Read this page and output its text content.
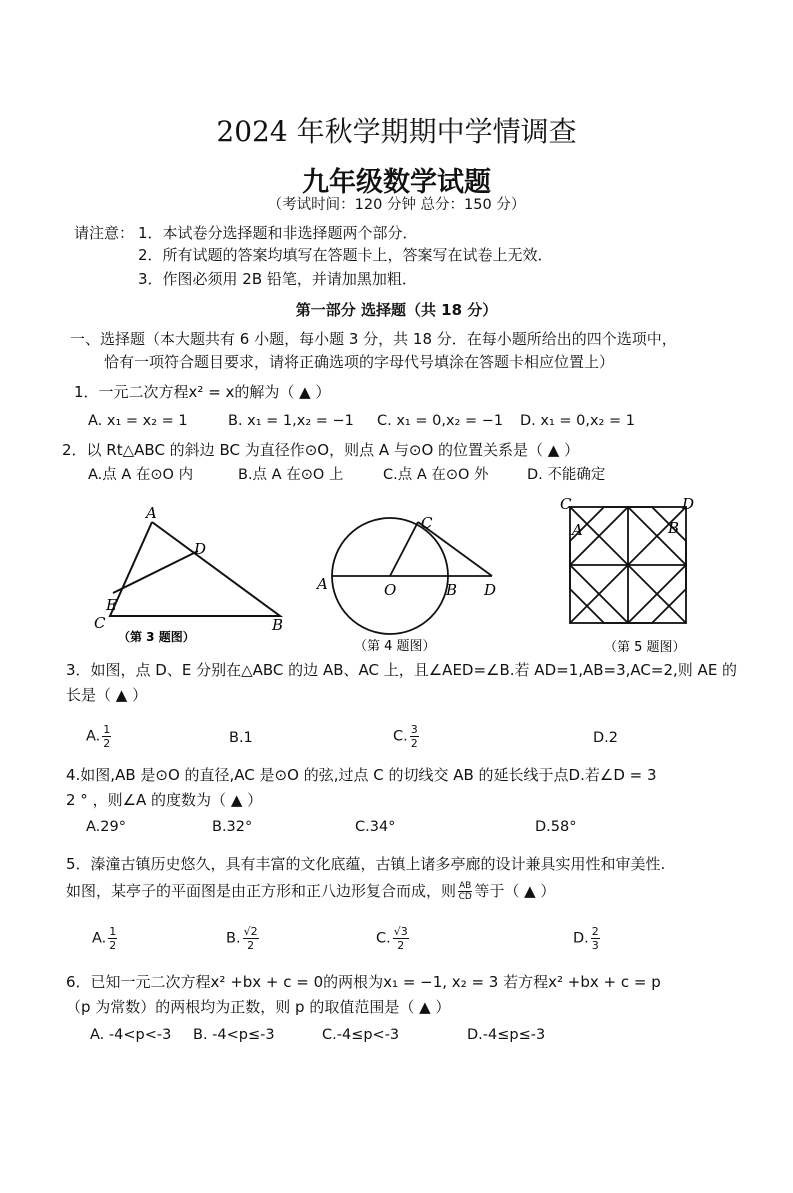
2024 年秋学期期中学情调查
九年级数学试题
（考试时间：120 分钟 总分：150 分）
请注意： 1．本试卷分选择题和非选择题两个部分．
2．所有试题的答案均填写在答题卡上，答案写在试卷上无效．
3．作图必须用 2B 铅笔，并请加黑加粗．
第一部分 选择题（共 18 分）
一、选择题（本大题共有 6 小题，每小题 3 分，共 18 分．在每小题所给出的四个选项中，
恰有一项符合题目要求，请将正确选项的字母代号填涂在答题卡相应位置上）
1．一元二次方程x² = x的解为（ ▲ ）
A. x₁ = x₂ = 1	B. x₁ = 1,x₂ = −1 C. x₁ = 0,x₂ = −1 D. x₁ = 0,x₂ = 1
2．以 Rt△ABC 的斜边 BC 为直径作⊙O，则点 A 与⊙O 的位置关系是（ ▲ ）
A.点 A 在⊙O 内	B.点 A 在⊙O 上	C.点 A 在⊙O 外	D. 不能确定
A
D
E
C	B
（第 3 题图）
C
A	O	B D
（第 4 题图）
C	D
A	B
（第 5 题图）
3．如图，点 D、E 分别在△ABC 的边 AB、AC 上，且∠AED=∠B.若 AD=1,AB=3,AC=2,则 AE 的
长是（ ▲ ）
A. $\frac{1}{2}$	B.1	C. $\frac{3}{2}$	D.2
4.如图,AB 是⊙O 的直径,AC 是⊙O 的弦,过点 C 的切线交 AB 的延长线于点D.若∠D = 3
2 ° ，则∠A 的度数为（ ▲ ）
A.29°	B.32°	C.34°	D.58°
5．溱潼古镇历史悠久，具有丰富的文化底蕴，古镇上诸多亭廊的设计兼具实用性和审美性.
如图，某亭子的平面图是由正方形和正八边形复合而成，则 $\frac{AB}{CD}$ 等于（ ▲ ）
A. $\frac{1}{2}$	B. $\frac{√2}{2}$	C. $\frac{√3}{2}$	D. $\frac{2}{3}$
6．已知一元二次方程x² +bx + c = 0的两根为x₁ = −1, x₂ = 3 若方程x² +bx + c = p
（p 为常数）的两根均为正数，则 p 的取值范围是（ ▲ ）
A. -4<p<-3 B. -4<p≤-3	C.-4≤p<-3	D.-4≤p≤-3
